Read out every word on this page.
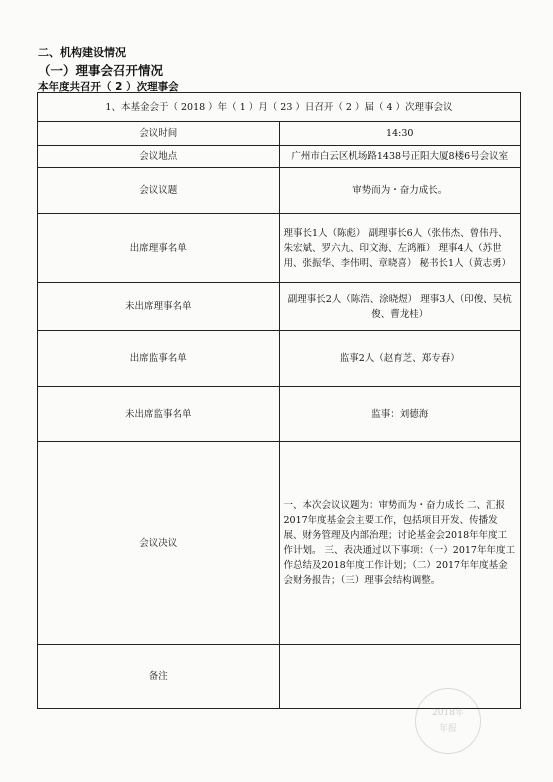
二、机构建设情况
（一）理事会召开情况
本年度共召开（ 2 ）次理事会
1、本基金会于（ 2018 ）年（ 1 ）月（ 23 ）日召开（ 2 ）届（ 4 ）次理事会议	
会议时间	14:30
会议地点	广州市白云区机场路1438号正阳大厦8楼6号会议室
会议议题	审势而为・奋力成长。
出席理事名单	理事长1人（陈彪） 副理事长6人（张伟杰、曾伟丹、朱宏斌、罗六九、印文海、左鸿雁） 理事4人（苏世用、张振华、李伟明、章晓喜） 秘书长1人（黄志勇）
未出席理事名单	副理事长2人（陈浩、涂晓煜） 理事3人（印俊、吴杭俊、曹龙桂）
出席监事名单	监事2人（赵育芝、郑专春）
未出席监事名单	监事：刘德海
会议决议	一、本次会议议题为：审势而为・奋力成长 二、汇报2017年度基金会主要工作，包括项目开发、传播发展、财务管理及内部治理；讨论基金会2018年年度工作计划。 三、表决通过以下事项：（一）2017年年度工作总结及2018年度工作计划；（二）2017年年度基金会财务报告；（三）理事会结构调整。
备注	
2018年
年报
